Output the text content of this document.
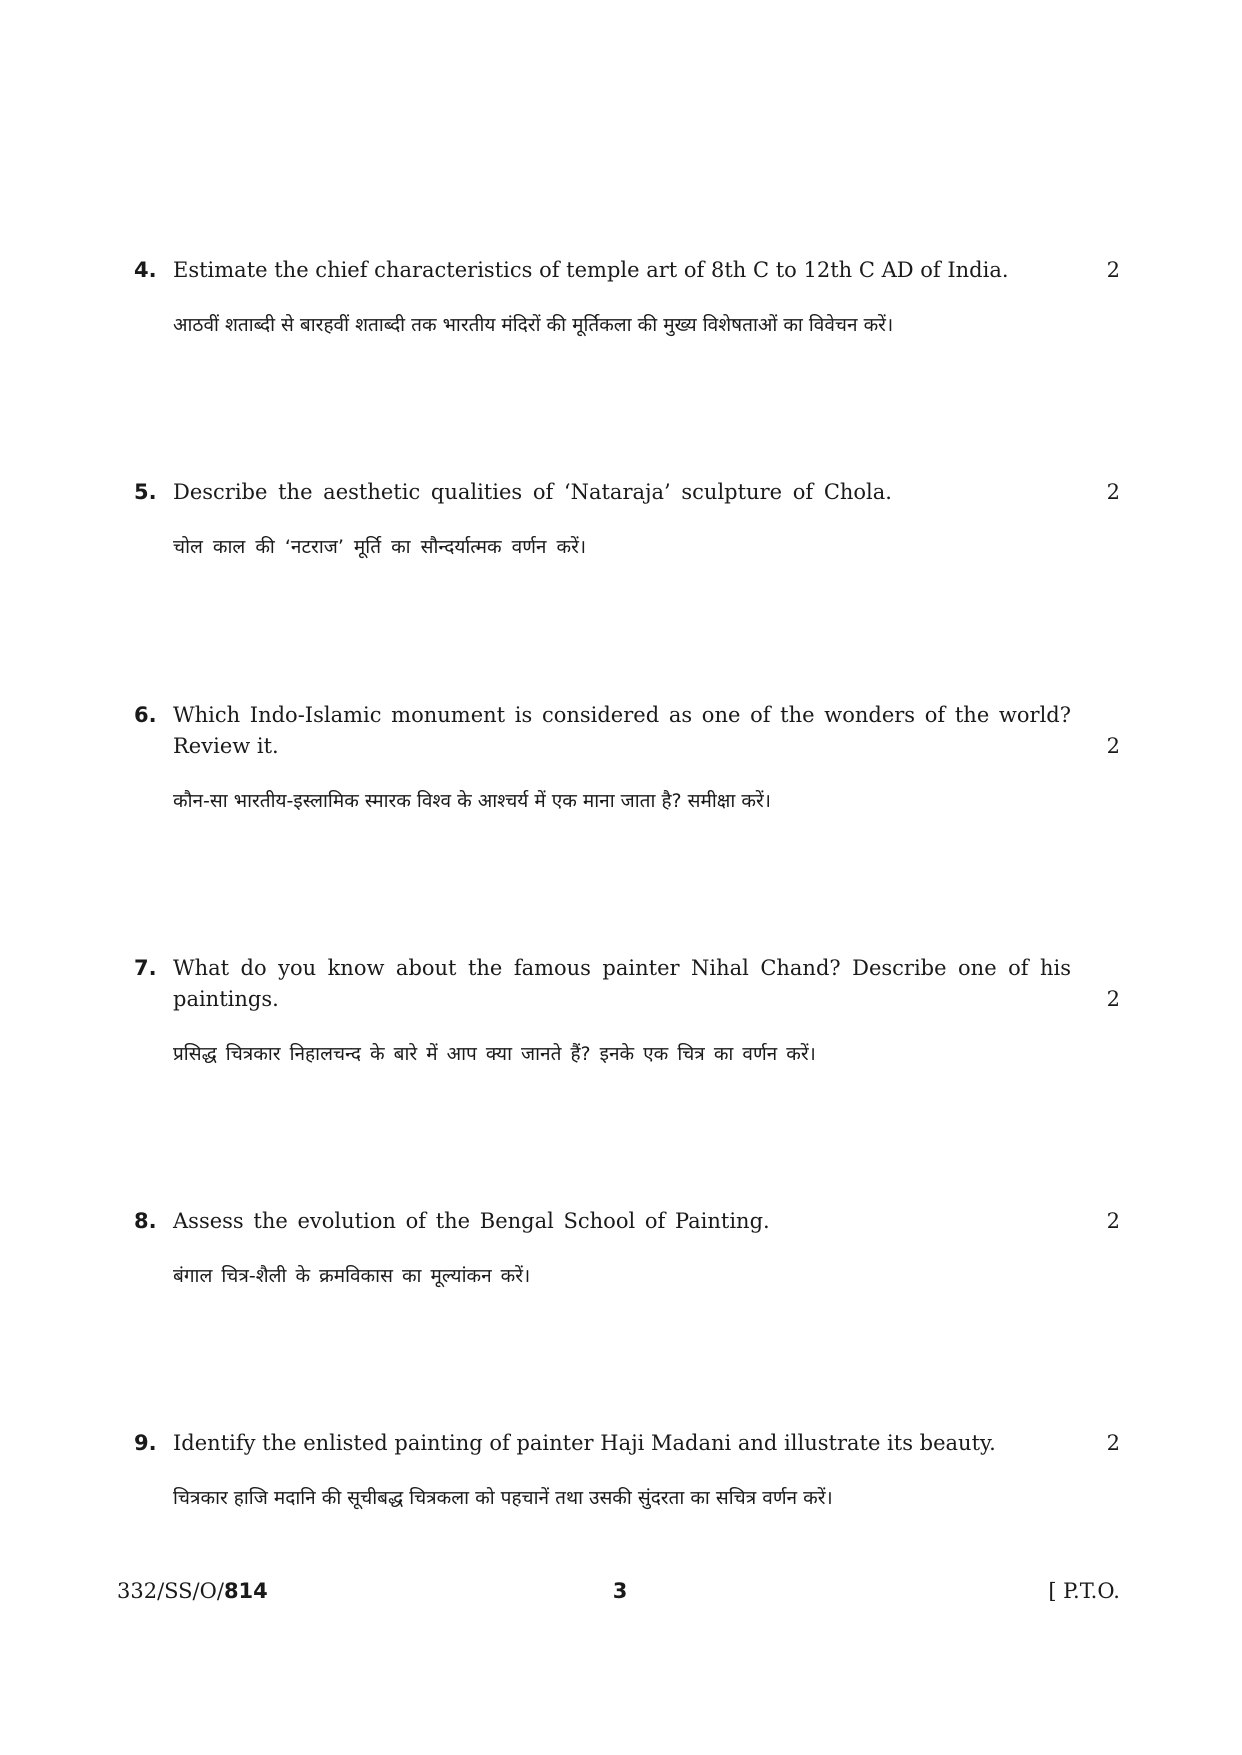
4. Estimate the chief characteristics of temple art of 8th C to 12th C AD of India.	2

आठवीं शताब्दी से बारहवीं शताब्दी तक भारतीय मंदिरों की मूर्तिकला की मुख्य विशेषताओं का विवेचन करें।

5. Describe the aesthetic qualities of ‘Nataraja’ sculpture of Chola.	2

चोल काल की ‘नटराज’ मूर्ति का सौन्दर्यात्मक वर्णन करें।

6. Which Indo-Islamic monument is considered as one of the wonders of the world? Review it.	2

कौन-सा भारतीय-इस्लामिक स्मारक विश्व के आश्चर्य में एक माना जाता है? समीक्षा करें।

7. What do you know about the famous painter Nihal Chand? Describe one of his paintings.	2

प्रसिद्ध चित्रकार निहालचन्द के बारे में आप क्या जानते हैं? इनके एक चित्र का वर्णन करें।

8. Assess the evolution of the Bengal School of Painting.	2

बंगाल चित्र-शैली के क्रमविकास का मूल्यांकन करें।

9. Identify the enlisted painting of painter Haji Madani and illustrate its beauty.	2

चित्रकार हाजि मदानि की सूचीबद्ध चित्रकला को पहचानें तथा उसकी सुंदरता का सचित्र वर्णन करें।

332/SS/O/814	3	[ P.T.O.
